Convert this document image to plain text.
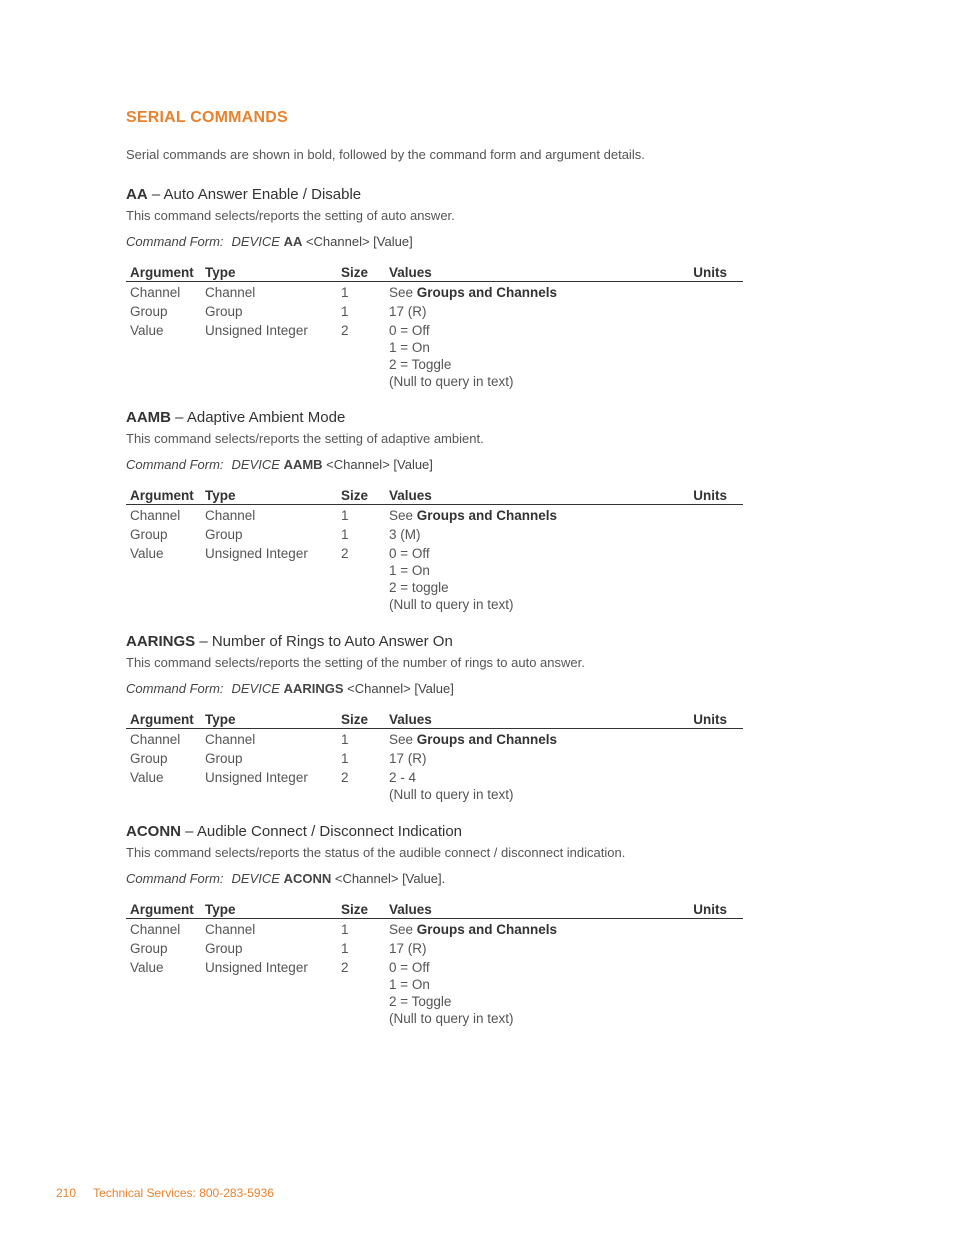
SERIAL COMMANDS
Serial commands are shown in bold, followed by the command form and argument details.
AA – Auto Answer Enable / Disable
This command selects/reports the setting of auto answer.
Command Form: DEVICE AA <Channel> [Value]
Argument	Type	Size	Values	Units
Channel	Channel	1	See Groups and Channels	

Group	Group	1	17 (R)	

Value	Unsigned Integer	2	0 = Off
1 = On
2 = Toggle
(Null to query in text)	

AAMB – Adaptive Ambient Mode
This command selects/reports the setting of adaptive ambient.
Command Form: DEVICE AAMB <Channel> [Value]
Argument	Type	Size	Values	Units
Channel	Channel	1	See Groups and Channels	

Group	Group	1	3 (M)	

Value	Unsigned Integer	2	0 = Off
1 = On
2 = toggle
(Null to query in text)	

AARINGS – Number of Rings to Auto Answer On
This command selects/reports the setting of the number of rings to auto answer.
Command Form: DEVICE AARINGS <Channel> [Value]
Argument	Type	Size	Values	Units
Channel	Channel	1	See Groups and Channels	

Group	Group	1	17 (R)	

Value	Unsigned Integer	2	2 - 4
(Null to query in text)	

ACONN – Audible Connect / Disconnect Indication
This command selects/reports the status of the audible connect / disconnect indication.
Command Form: DEVICE ACONN <Channel> [Value].
Argument	Type	Size	Values	Units
Channel	Channel	1	See Groups and Channels	

Group	Group	1	17 (R)	

Value	Unsigned Integer	2	0 = Off
1 = On
2 = Toggle
(Null to query in text)	

210 Technical Services: 800-283-5936
